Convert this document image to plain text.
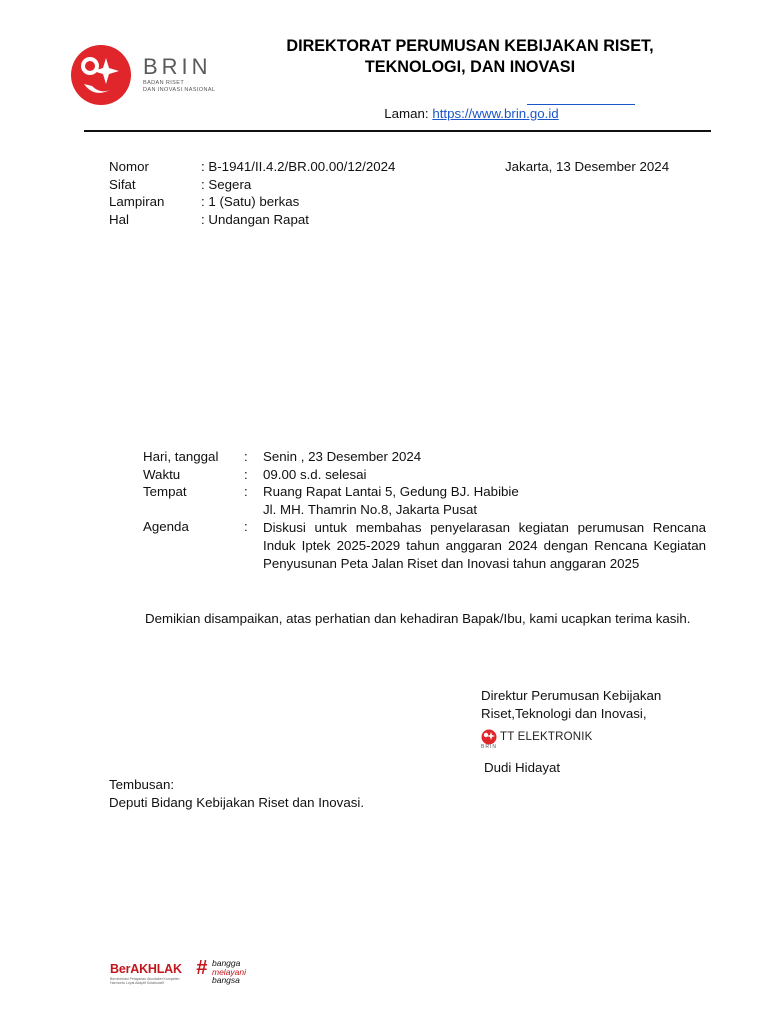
BRIN
BADAN RISET
DAN INOVASI NASIONAL
DIREKTORAT PERUMUSAN KEBIJAKAN RISET,
TEKNOLOGI, DAN INOVASI
Laman: https://www.brin.go.id
Nomor	: B-1941/II.4.2/BR.00.00/12/2024	Jakarta, 13 Desember 2024
Sifat	: Segera
Lampiran	: 1 (Satu) berkas
Hal	: Undangan Rapat
Hari, tanggal : Senin , 23 Desember 2024
Waktu	: 09.00 s.d. selesai
Tempat	: Ruang Rapat Lantai 5, Gedung BJ. Habibie
Jl. MH. Thamrin No.8, Jakarta Pusat
Agenda	: Diskusi untuk membahas penyelarasan kegiatan perumusan Rencana Induk Iptek 2025-2029 tahun anggaran 2024 dengan Rencana Kegiatan Penyusunan Peta Jalan Riset dan Inovasi tahun anggaran 2025
Demikian disampaikan, atas perhatian dan kehadiran Bapak/Ibu, kami ucapkan terima kasih.
Direktur Perumusan Kebijakan
Riset,Teknologi dan Inovasi,
BRIN
TT ELEKTRONIK
Dudi Hidayat
Tembusan:
Deputi Bidang Kebijakan Riset dan Inovasi.
BerAKHLAK
Berorientasi Pelayanan Akuntabel Kompeten Harmonis Loyal Adaptif Kolaboratif
# bangga
melayani
bangsa
